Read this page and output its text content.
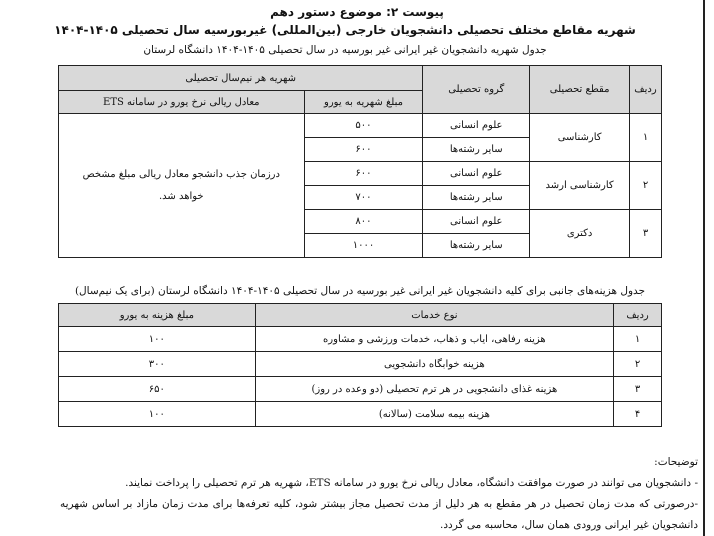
پیوست ۲: موضوع دستور دهم
شهریه مقاطع مختلف تحصیلی دانشجویان خارجی (بین‌المللی) غیربورسیه سال تحصیلی ۱۴۰۵-۱۴۰۴
جدول شهریه دانشجویان غیر ایرانی غیر بورسیه در سال تحصیلی ۱۴۰۵-۱۴۰۴ دانشگاه لرستان
ردیف	مقطع تحصیلی	گروه تحصیلی	شهریه هر نیم‌سال تحصیلی	
			مبلغ شهریه به یورو	معادل ریالی نرخ یورو در سامانه ETS
۱	کارشناسی	علوم انسانی	۵۰۰	درزمان جذب دانشجو معادل ریالی مبلغ مشخص خواهد شد.

		سایر رشته‌ها	۶۰۰	
۲	کارشناسی ارشد	علوم انسانی	۶۰۰	
		سایر رشته‌ها	۷۰۰	
۳	دکتری	علوم انسانی	۸۰۰	
		سایر رشته‌ها	۱۰۰۰	
جدول هزینه‌های جانبی برای کلیه دانشجویان غیر ایرانی غیر بورسیه در سال تحصیلی ۱۴۰۵-۱۴۰۴ دانشگاه لرستان (برای یک نیم‌سال)
ردیف	نوع خدمات	مبلغ هزینه به یورو
۱	هزینه رفاهی، ایاب و ذهاب، خدمات ورزشی و مشاوره	۱۰۰
۲	هزینه خوابگاه دانشجویی	۳۰۰
۳	هزینه غذای دانشجویی در هر ترم تحصیلی (دو وعده در روز)	۶۵۰
۴	هزینه بیمه سلامت (سالانه)	۱۰۰
توضیحات:
- دانشجویان می توانند در صورت موافقت دانشگاه، معادل ریالی نرخ یورو در سامانه ETS، شهریه هر ترم تحصیلی را پرداخت نمایند.
-درصورتی که مدت زمان تحصیل در هر مقطع به هر دلیل از مدت تحصیل مجاز بیشتر شود، کلیه تعرفه‌ها برای مدت زمان مازاد بر اساس شهریه دانشجویان غیر ایرانی ورودی همان سال، محاسبه می گردد.
